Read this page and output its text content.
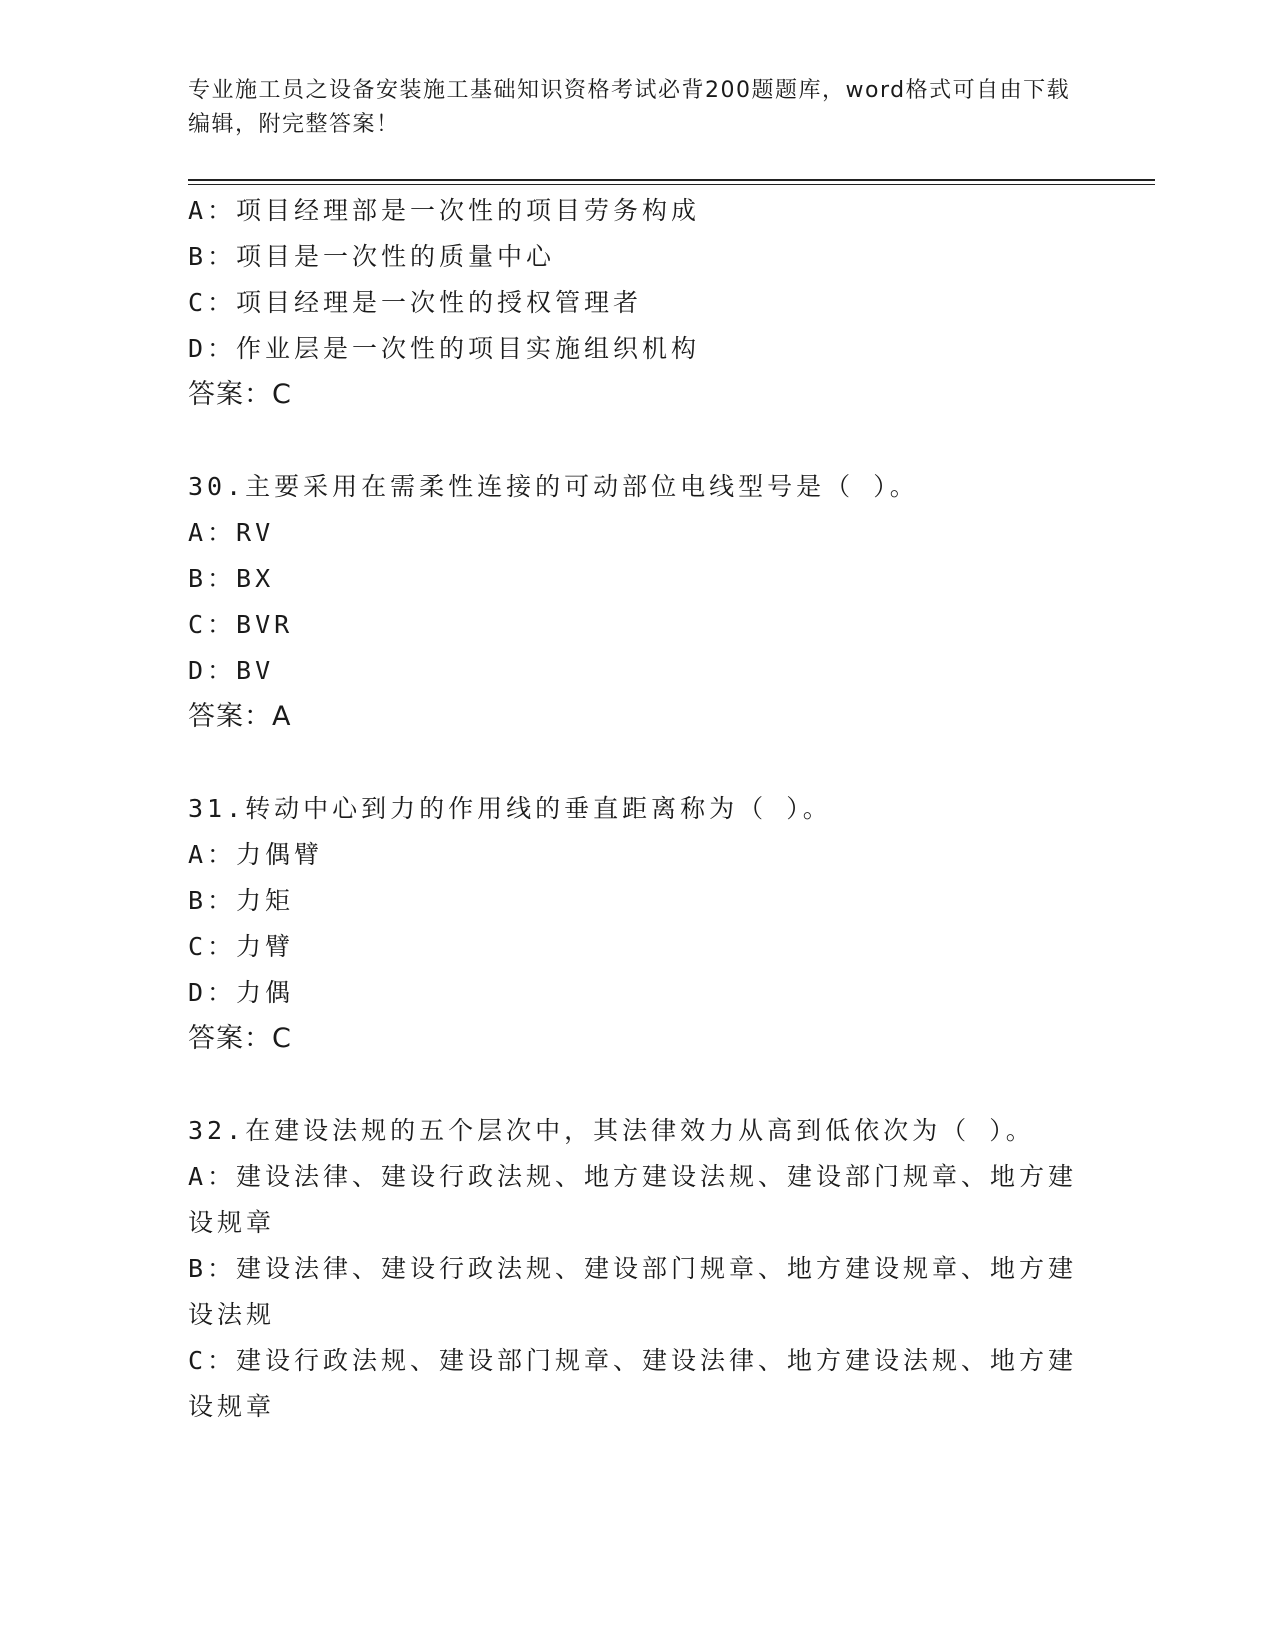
专业施工员之设备安装施工基础知识资格考试必背200题题库，word格式可自由下载编辑，附完整答案！
A：项目经理部是一次性的项目劳务构成
B：项目是一次性的质量中心
C：项目经理是一次性的授权管理者
D：作业层是一次性的项目实施组织机构
答案：C
30.主要采用在需柔性连接的可动部位电线型号是（ ）。
A：RV
B：BX
C：BVR
D：BV
答案：A
31.转动中心到力的作用线的垂直距离称为（ ）。
A：力偶臂
B：力矩
C：力臂
D：力偶
答案：C
32.在建设法规的五个层次中，其法律效力从高到低依次为（ ）。
A：建设法律、建设行政法规、地方建设法规、建设部门规章、地方建设规章
B：建设法律、建设行政法规、建设部门规章、地方建设规章、地方建设法规
C：建设行政法规、建设部门规章、建设法律、地方建设法规、地方建设规章
